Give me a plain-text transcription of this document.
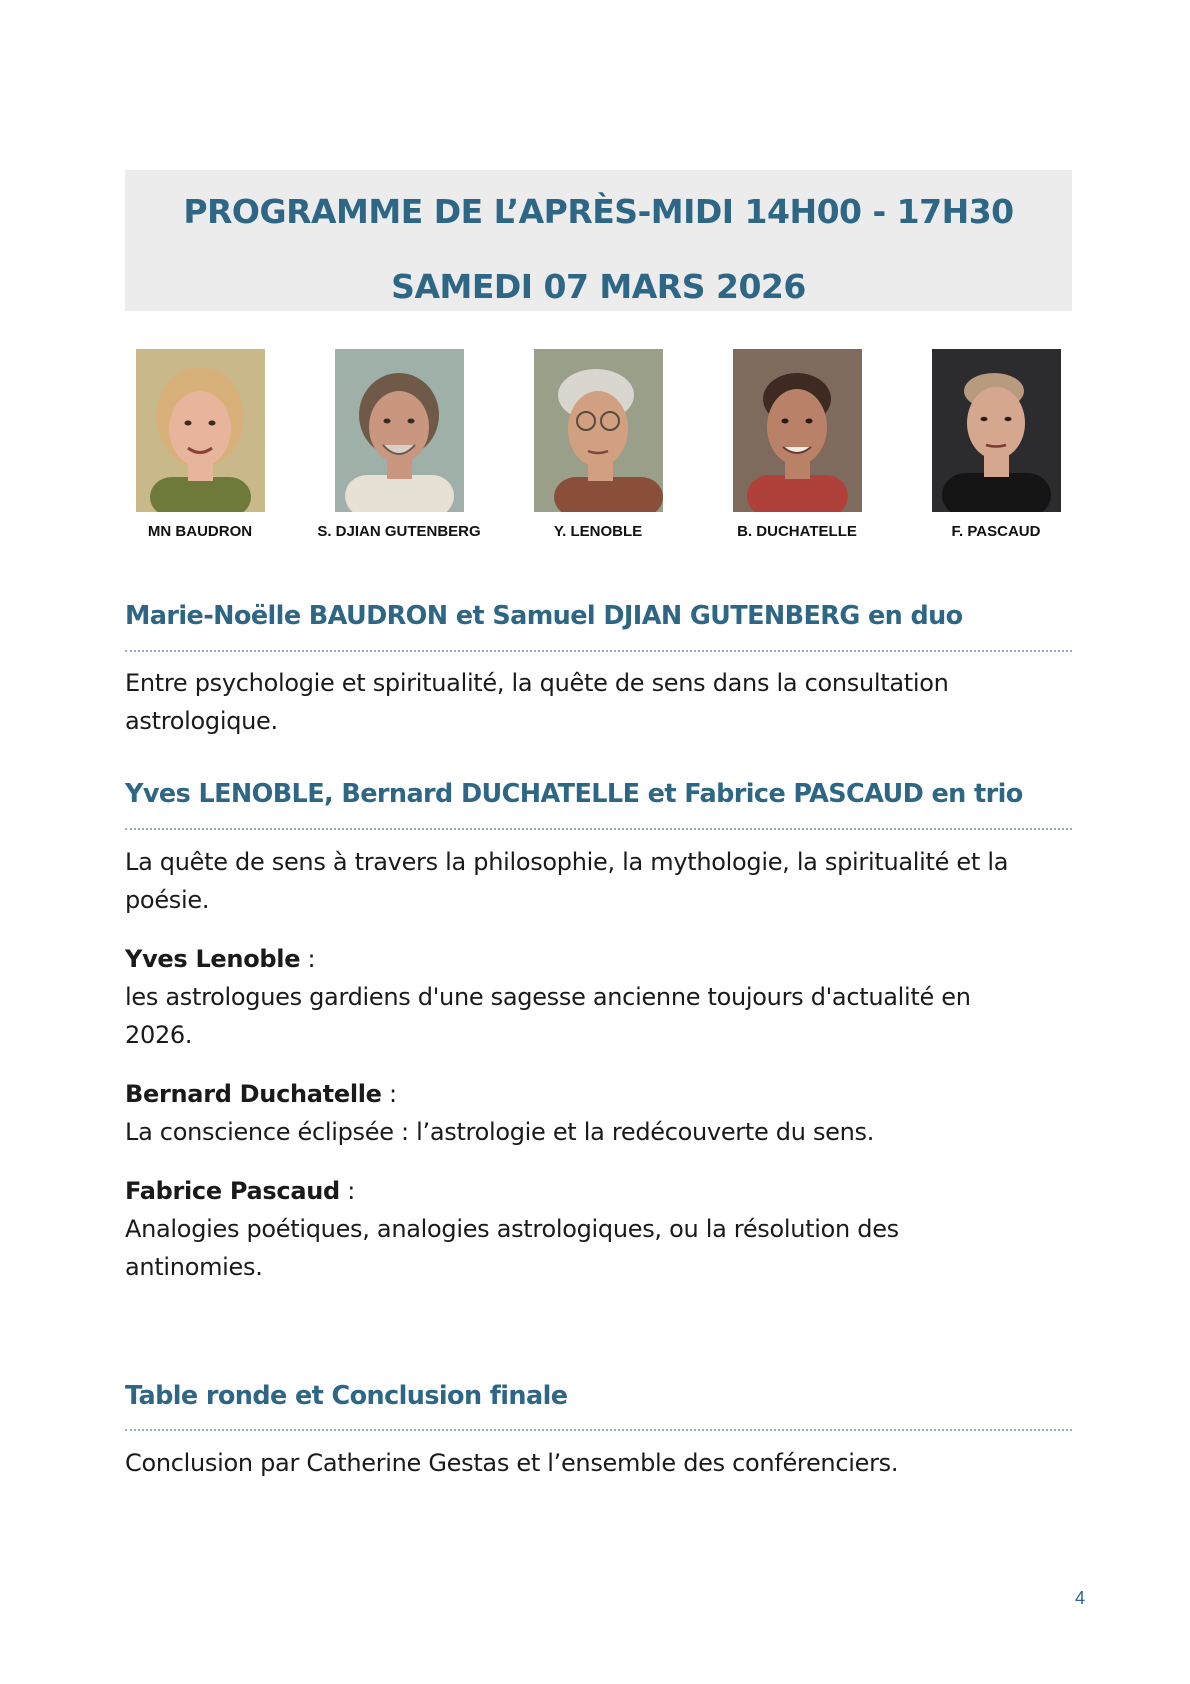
PROGRAMME DE L’APRÈS-MIDI 14H00 - 17H30
SAMEDI 07 MARS 2026
MN BAUDRON	S. DJIAN GUTENBERG	Y. LENOBLE	B. DUCHATELLE	F. PASCAUD
Marie-Noëlle BAUDRON et Samuel DJIAN GUTENBERG en duo
Entre psychologie et spiritualité, la quête de sens dans la consultation
astrologique.
Yves LENOBLE, Bernard DUCHATELLE et Fabrice PASCAUD en trio
La quête de sens à travers la philosophie, la mythologie, la spiritualité et la
poésie.
Yves Lenoble :
les astrologues gardiens d'une sagesse ancienne toujours d'actualité en
2026.
Bernard Duchatelle :
La conscience éclipsée : l’astrologie et la redécouverte du sens.
Fabrice Pascaud :
Analogies poétiques, analogies astrologiques, ou la résolution des
antinomies.
Table ronde et Conclusion finale
Conclusion par Catherine Gestas et l’ensemble des conférenciers.
4
